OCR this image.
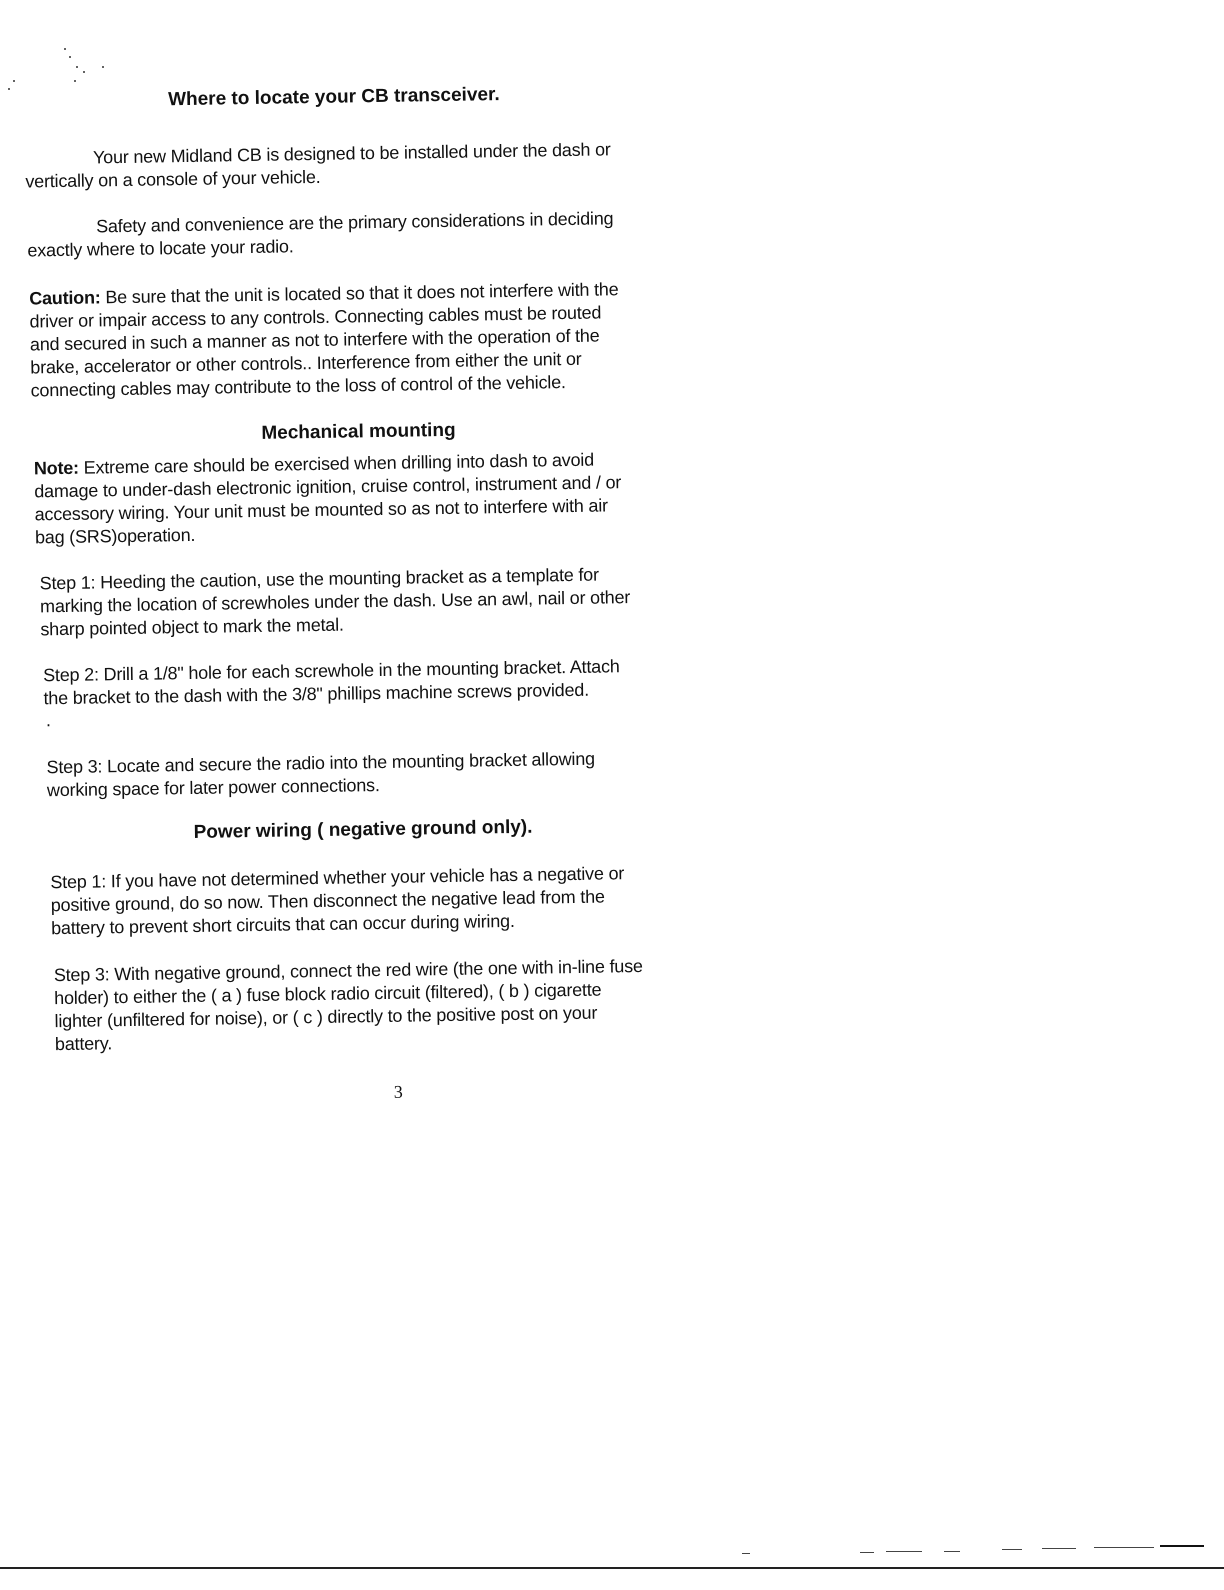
Where to locate your CB transceiver.
Your new Midland CB is designed to be installed under the dash or
vertically on a console of your vehicle.
Safety and convenience are the primary considerations in deciding
exactly where to locate your radio.
Caution: Be sure that the unit is located so that it does not interfere with the
driver or impair access to any controls. Connecting cables must be routed
and secured in such a manner as not to interfere with the operation of the
brake, accelerator or other controls.. Interference from either the unit or
connecting cables may contribute to the loss of control of the vehicle.
Mechanical mounting
Note: Extreme care should be exercised when drilling into dash to avoid
damage to under-dash electronic ignition, cruise control, instrument and / or
accessory wiring. Your unit must be mounted so as not to interfere with air
bag (SRS)operation.
Step 1: Heeding the caution, use the mounting bracket as a template for
marking the location of screwholes under the dash. Use an awl, nail or other
sharp pointed object to mark the metal.
Step 2: Drill a 1/8" hole for each screwhole in the mounting bracket. Attach
the bracket to the dash with the 3/8" phillips machine screws provided.
.
Step 3: Locate and secure the radio into the mounting bracket allowing
working space for later power connections.
Power wiring ( negative ground only).
Step 1: If you have not determined whether your vehicle has a negative or
positive ground, do so now. Then disconnect the negative lead from the
battery to prevent short circuits that can occur during wiring.
Step 3: With negative ground, connect the red wire (the one with in-line fuse
holder) to either the ( a ) fuse block radio circuit (filtered), ( b ) cigarette
lighter (unfiltered for noise), or ( c ) directly to the positive post on your
battery.
3
